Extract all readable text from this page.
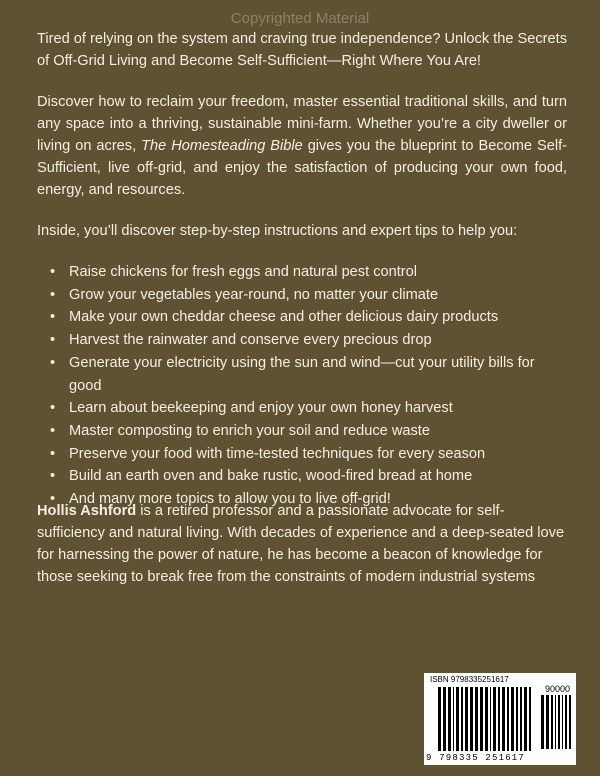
Copyrighted Material

Tired of relying on the system and craving true independence? Unlock the Secrets of Off-Grid Living and Become Self-Sufficient—Right Where You Are!

Discover how to reclaim your freedom, master essential traditional skills, and turn any space into a thriving, sustainable mini-farm. Whether you’re a city dweller or living on acres, The Homesteading Bible gives you the blueprint to Become Self-Sufficient, live off-grid, and enjoy the satisfaction of producing your own food, energy, and resources.

Inside, you’ll discover step-by-step instructions and expert tips to help you:

• Raise chickens for fresh eggs and natural pest control
• Grow your vegetables year-round, no matter your climate
• Make your own cheddar cheese and other delicious dairy products
• Harvest the rainwater and conserve every precious drop
• Generate your electricity using the sun and wind—cut your utility bills for good
• Learn about beekeeping and enjoy your own honey harvest
• Master composting to enrich your soil and reduce waste
• Preserve your food with time-tested techniques for every season
• Build an earth oven and bake rustic, wood-fired bread at home
• And many more topics to allow you to live off-grid!

Hollis Ashford is a retired professor and a passionate advocate for self-sufficiency and natural living. With decades of experience and a deep-seated love for harnessing the power of nature, he has become a beacon of knowledge for those seeking to break free from the constraints of modern industrial systems

ISBN 9798335251617
90000
9 798335 251617
